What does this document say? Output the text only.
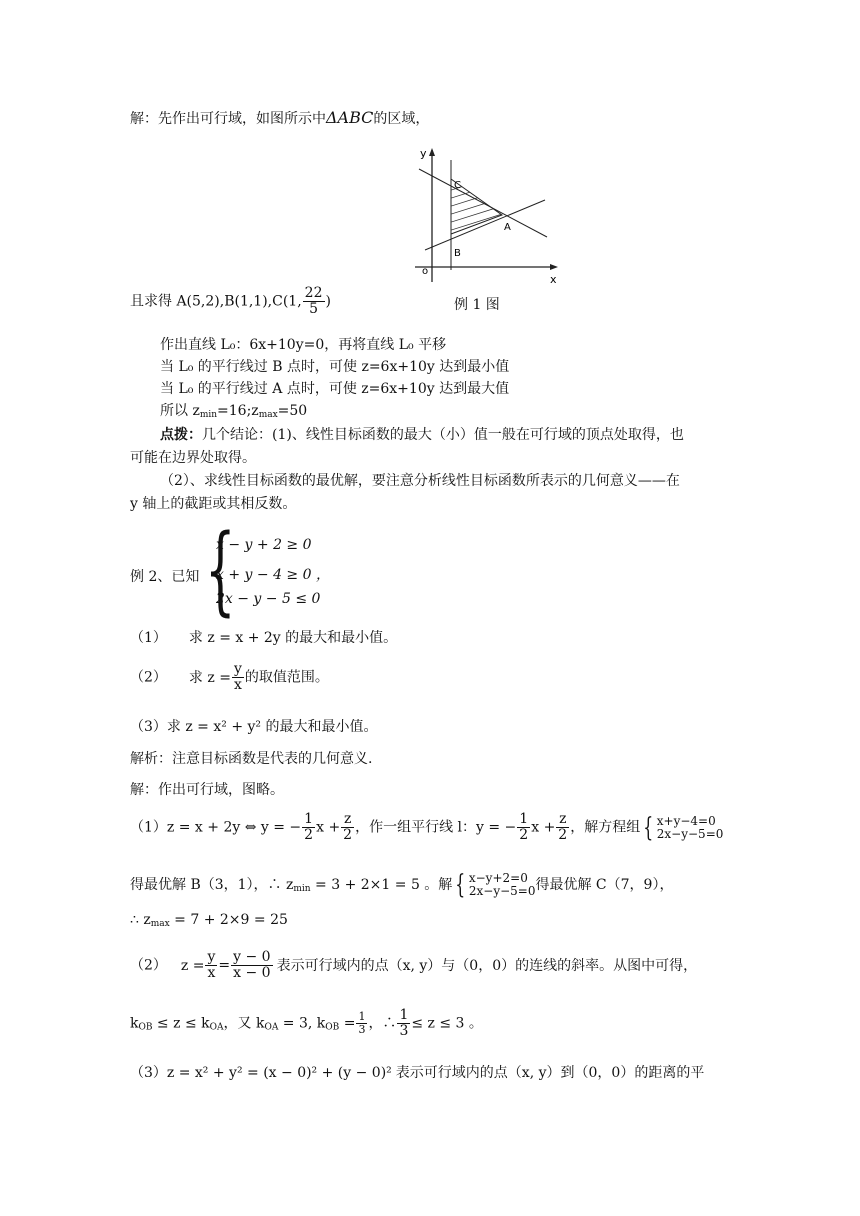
解：先作出可行域，如图所示中ΔABC的区域，
y
x
o
C
A
B
且求得 A(5,2),B(1,1),C(1, $\frac{22}{5}$ )	例 1 图
作出直线 L₀：6x+10y=0，再将直线 L₀ 平移
当 L₀ 的平行线过 B 点时，可使 z=6x+10y 达到最小值
当 L₀ 的平行线过 A 点时，可使 z=6x+10y 达到最大值
所以 $z_{min}=16;z_{max}=50$
点拨：几个结论：(1)、线性目标函数的最大（小）值一般在可行域的顶点处取得，也
可能在边界处取得。
（2）、求线性目标函数的最优解，要注意分析线性目标函数所表示的几何意义——在
y 轴上的截距或其相反数。
例 2、已知 {
x − y + 2 ≥ 0
x + y − 4 ≥ 0 ，
2x − y − 5 ≤ 0
（1） 求 z = x + 2y 的最大和最小值。
（2） 求 $z = \frac{y}{x}$ 的取值范围。
（3）求 z = x² + y² 的最大和最小值。
解析：注意目标函数是代表的几何意义.
解：作出可行域，图略。
（1）z = x + 2y ⇔ y = − $\frac{1}{2}$ $x + \frac{z}{2}$ ，作一组平行线 l：y = − $\frac{1}{2}$ $x + \frac{z}{2}$ ，解方程组 { x+y−4=0
2x−y−5=0
得最优解 B（3，1），∴ $z_{min} = 3 + 2\times 1 = 5$ 。解 { x−y+2=0
2x−y−5=0 得最优解 C（7，9），
∴ $z_{max} = 7 + 2\times 9 = 25$
（2） $z = \frac{y}{x} = \frac{y - 0}{x - 0}$ 表示可行域内的点（x, y）与（0，0）的连线的斜率。从图中可得，
$k_{OB} \le z \le k_{OA}$，又 $k_{OA} = 3$, $k_{OB} = \frac{1}{3}$ ，∴ $\frac{1}{3} \le z \le 3$ 。
（3）z = x² + y² = (x − 0)² + (y − 0)² 表示可行域内的点（x, y）到（0，0）的距离的平
